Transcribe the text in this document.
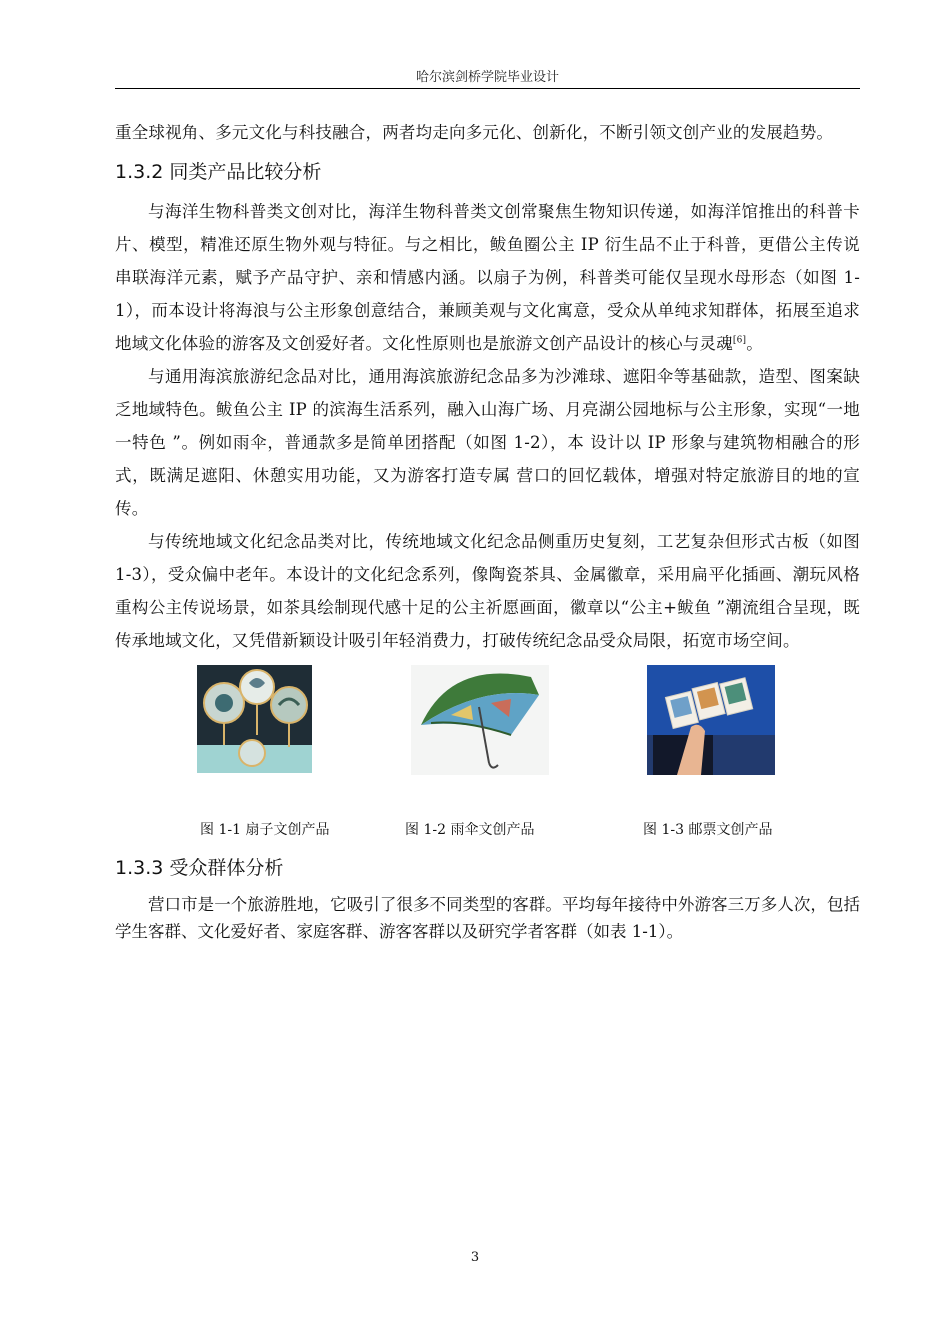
哈尔滨剑桥学院毕业设计

重全球视角、多元文化与科技融合，两者均走向多元化、创新化，不断引领文创产业的发展趋势。

1.3.2 同类产品比较分析

与海洋生物科普类文创对比，海洋生物科普类文创常聚焦生物知识传递，如海洋馆推出的科普卡片、模型，精准还原生物外观与特征。与之相比，鲅鱼圈公主 IP 衍生品不止于科普，更借公主传说串联海洋元素，赋予产品守护、亲和情感内涵。以扇子为例，科普类可能仅呈现水母形态（如图 1-1），而本设计将海浪与公主形象创意结合，兼顾美观与文化寓意，受众从单纯求知群体，拓展至追求地域文化体验的游客及文创爱好者。文化性原则也是旅游文创产品设计的核心与灵魂[6]。

与通用海滨旅游纪念品对比，通用海滨旅游纪念品多为沙滩球、遮阳伞等基础款，造型、图案缺乏地域特色。鲅鱼公主 IP 的滨海生活系列，融入山海广场、月亮湖公园地标与公主形象，实现“一地一特色 ”。例如雨伞，普通款多是简单团搭配（如图 1-2），本 设计以 IP 形象与建筑物相融合的形式，既满足遮阳、休憩实用功能，又为游客打造专属 营口的回忆载体，增强对特定旅游目的地的宣传。

与传统地域文化纪念品类对比，传统地域文化纪念品侧重历史复刻，工艺复杂但形式古板（如图 1-3），受众偏中老年。本设计的文化纪念系列，像陶瓷茶具、金属徽章，采用扁平化插画、潮玩风格重构公主传说场景，如茶具绘制现代感十足的公主祈愿画面，徽章以“公主+鲅鱼 ”潮流组合呈现，既传承地域文化，又凭借新颖设计吸引年轻消费力，打破传统纪念品受众局限，拓宽市场空间。

图 1-1 扇子文创产品	图 1-2 雨伞文创产品	图 1-3 邮票文创产品
1.3.3 受众群体分析

营口市是一个旅游胜地，它吸引了很多不同类型的客群。平均每年接待中外游客三万多人次，包括学生客群、文化爱好者、家庭客群、游客客群以及研究学者客群（如表 1-1）。

3
